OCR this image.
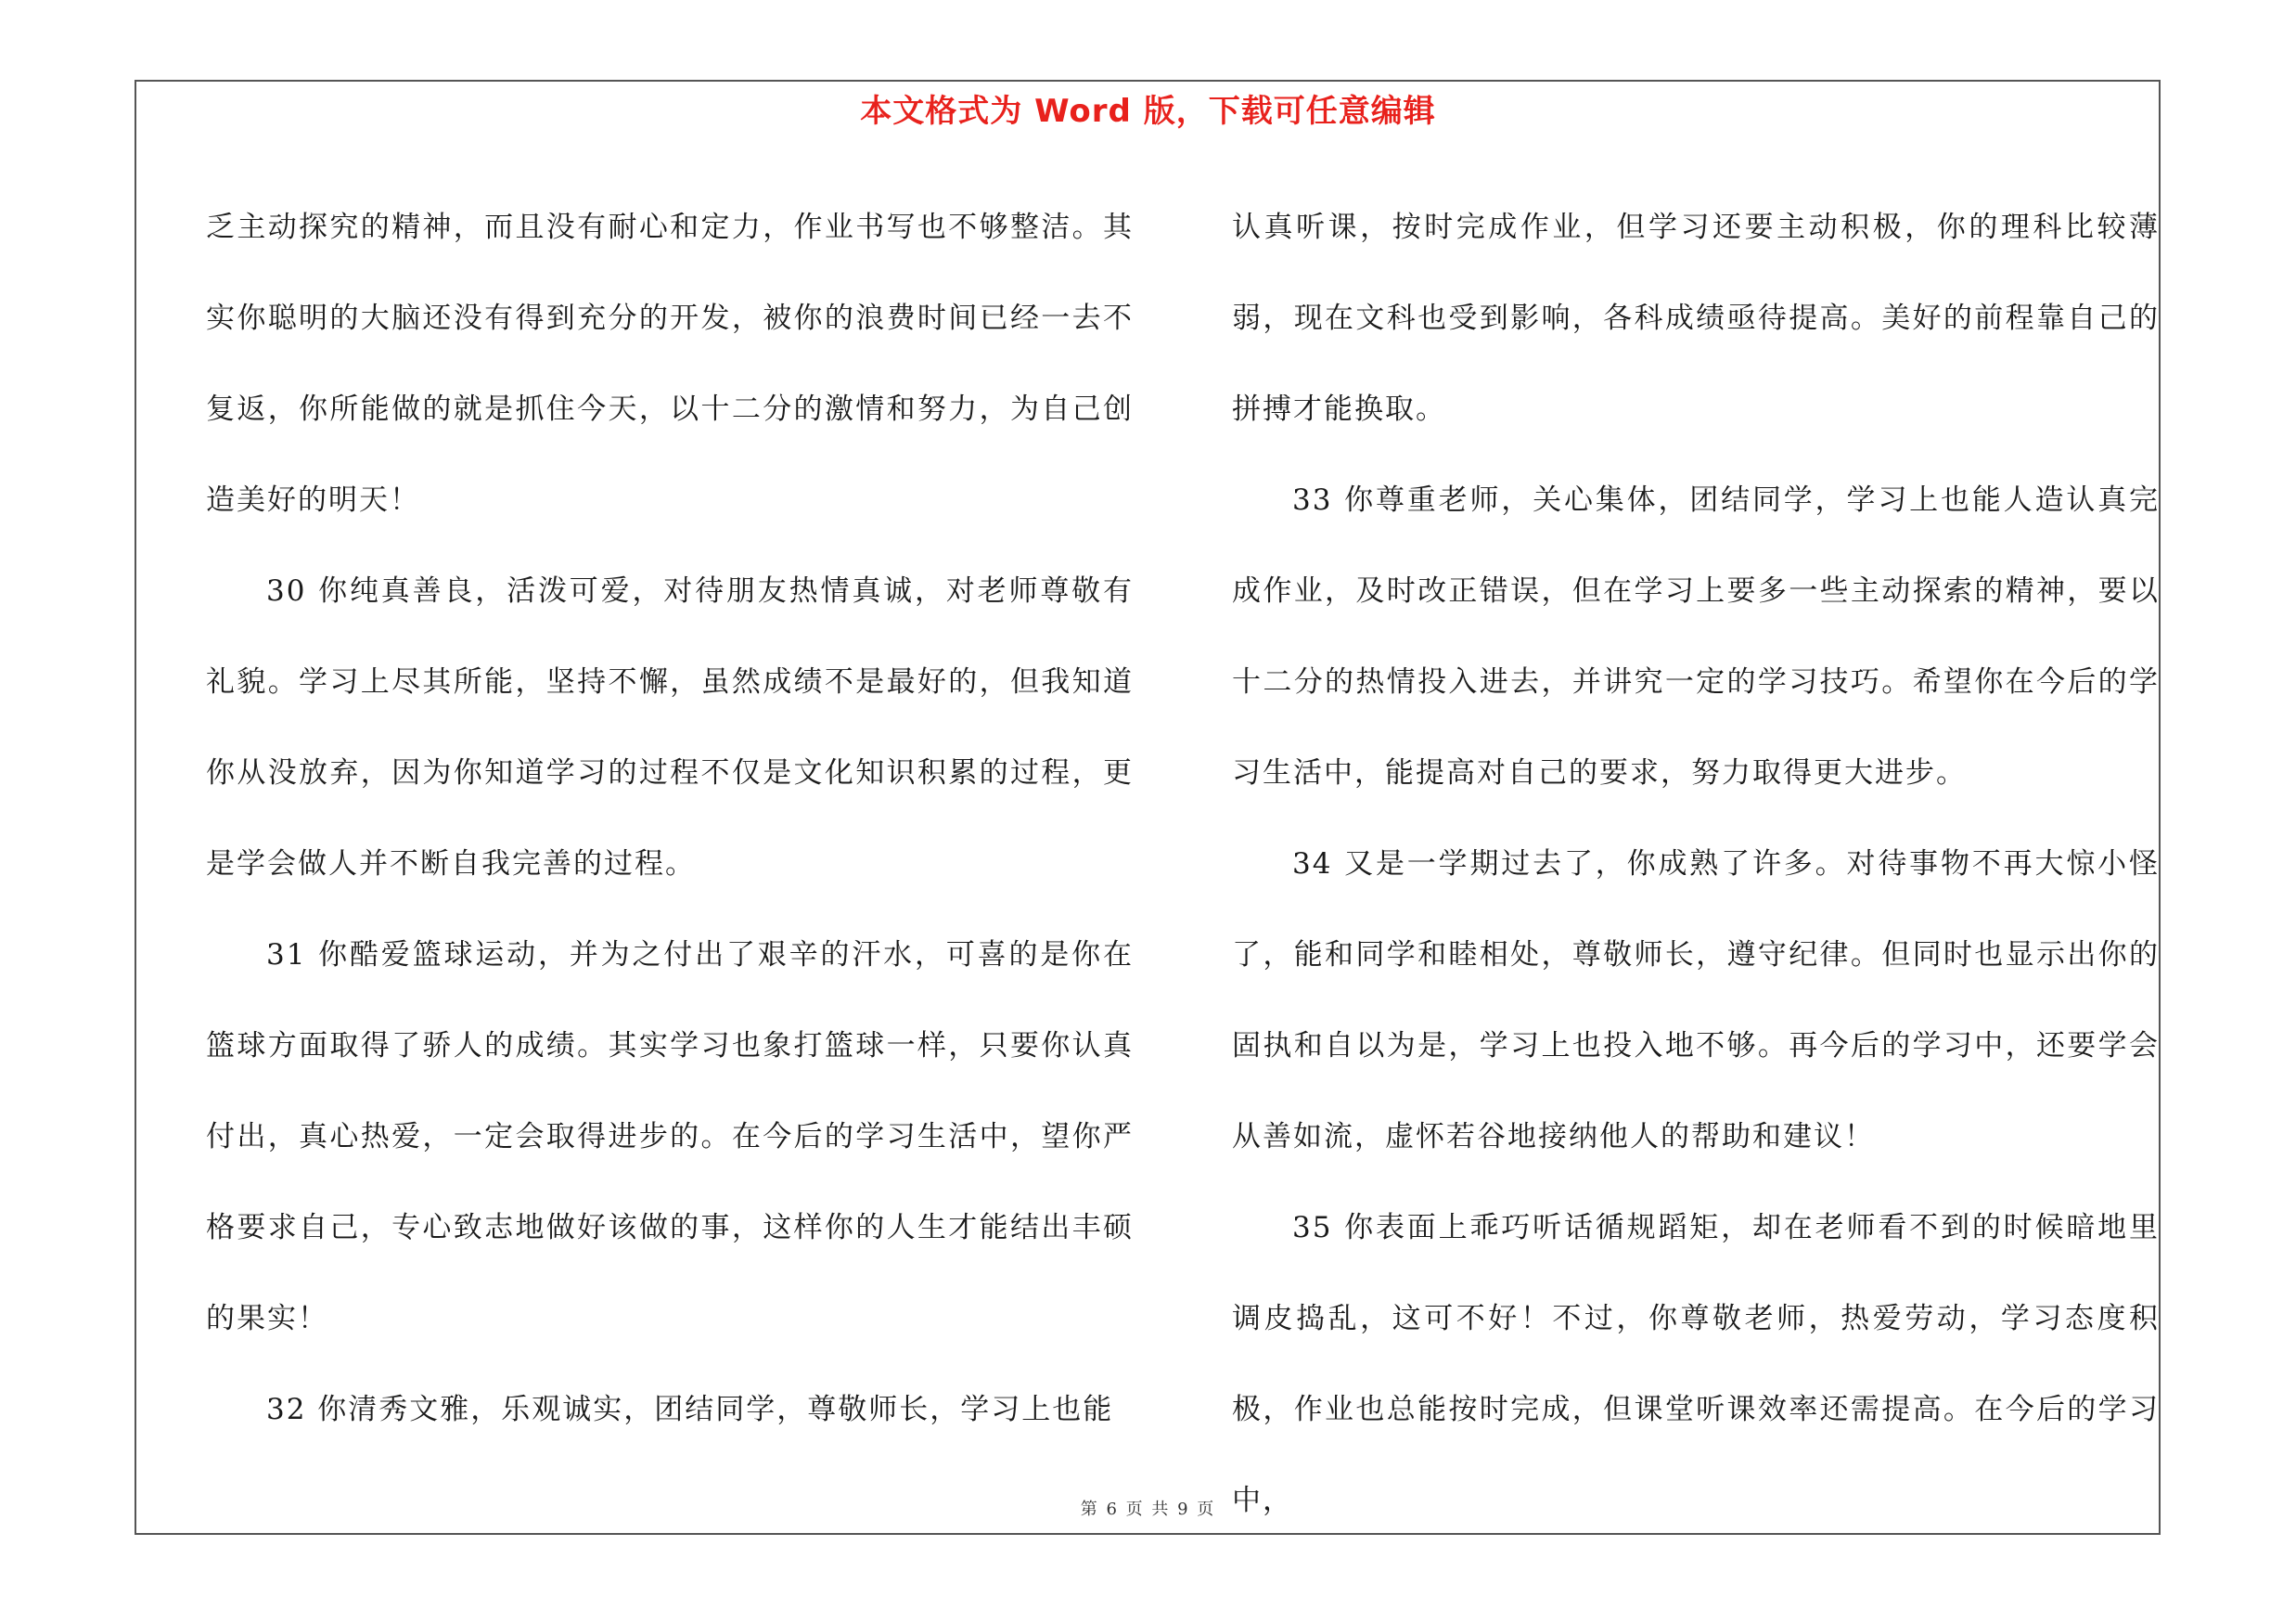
本文格式为 Word 版，下载可任意编辑

乏主动探究的精神，而且没有耐心和定力，作业书写也不够整洁。其实你聪明的大脑还没有得到充分的开发，被你的浪费时间已经一去不复返，你所能做的就是抓住今天，以十二分的激情和努力，为自己创造美好的明天！

30 你纯真善良，活泼可爱，对待朋友热情真诚，对老师尊敬有礼貌。学习上尽其所能，坚持不懈，虽然成绩不是最好的，但我知道你从没放弃，因为你知道学习的过程不仅是文化知识积累的过程，更是学会做人并不断自我完善的过程。

31 你酷爱篮球运动，并为之付出了艰辛的汗水，可喜的是你在篮球方面取得了骄人的成绩。其实学习也象打篮球一样，只要你认真付出，真心热爱，一定会取得进步的。在今后的学习生活中，望你严格要求自己，专心致志地做好该做的事，这样你的人生才能结出丰硕的果实！

32 你清秀文雅，乐观诚实，团结同学，尊敬师长，学习上也能

认真听课，按时完成作业，但学习还要主动积极，你的理科比较薄弱，现在文科也受到影响，各科成绩亟待提高。美好的前程靠自己的拼搏才能换取。

33 你尊重老师，关心集体，团结同学，学习上也能人造认真完成作业，及时改正错误，但在学习上要多一些主动探索的精神，要以十二分的热情投入进去，并讲究一定的学习技巧。希望你在今后的学习生活中，能提高对自己的要求，努力取得更大进步。

34 又是一学期过去了，你成熟了许多。对待事物不再大惊小怪了，能和同学和睦相处，尊敬师长，遵守纪律。但同时也显示出你的固执和自以为是，学习上也投入地不够。再今后的学习中，还要学会从善如流，虚怀若谷地接纳他人的帮助和建议！

35 你表面上乖巧听话循规蹈矩，却在老师看不到的时候暗地里调皮捣乱，这可不好！不过，你尊敬老师，热爱劳动，学习态度积极，作业也总能按时完成，但课堂听课效率还需提高。在今后的学习中，

第 6 页 共 9 页
